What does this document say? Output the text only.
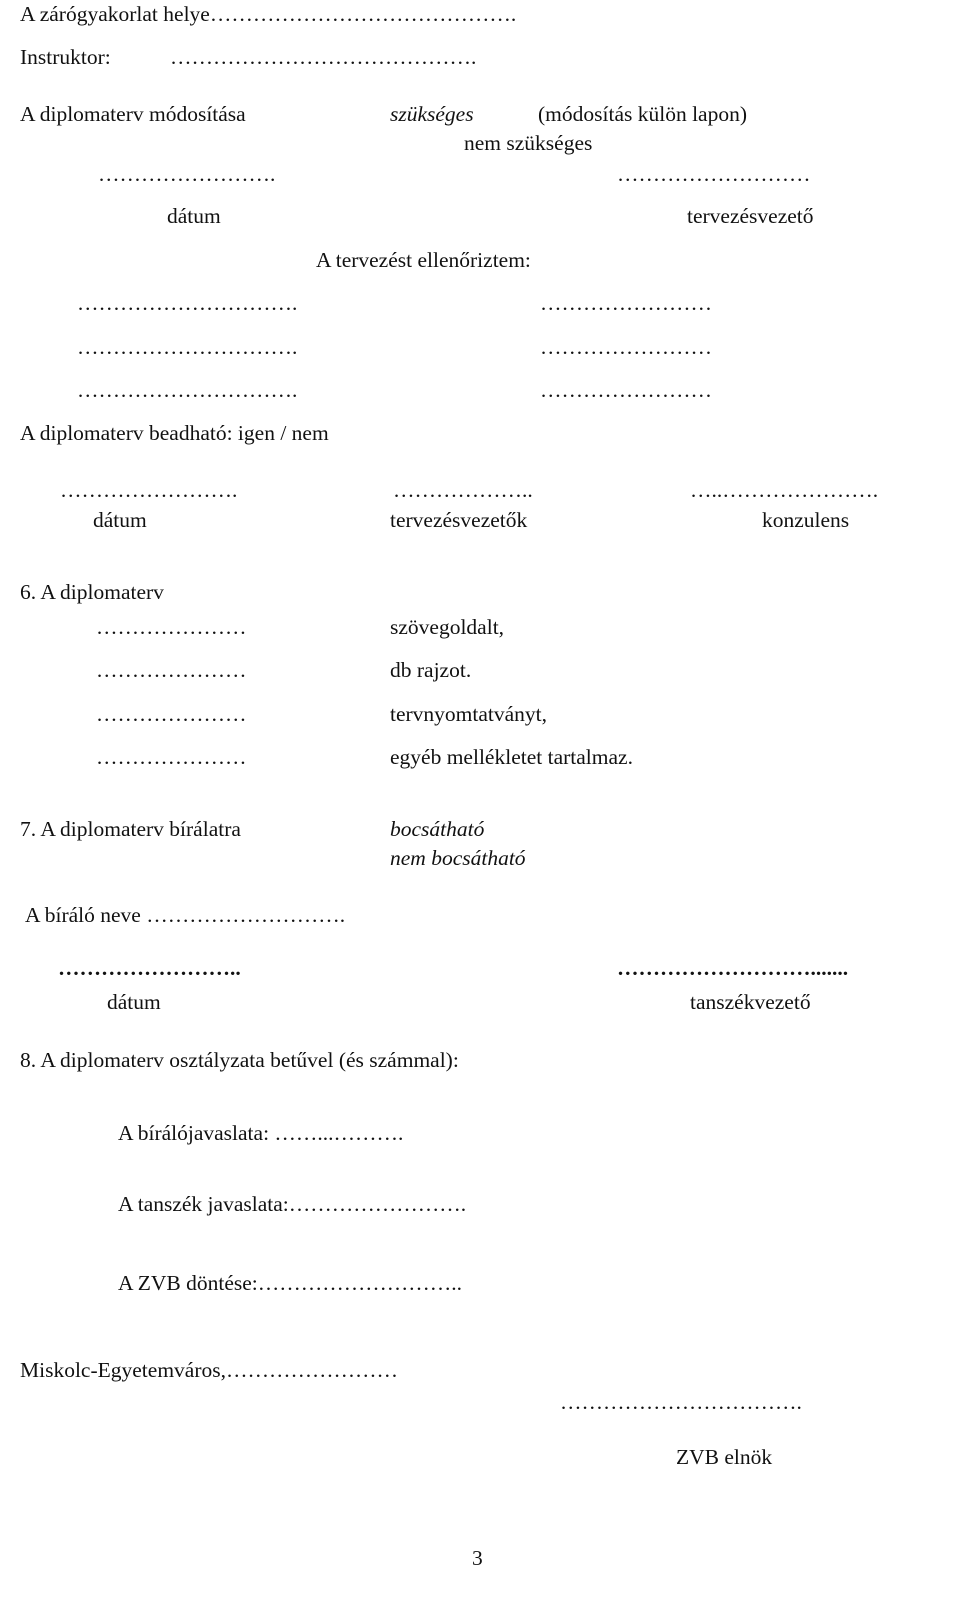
A zárógyakorlat helye…………………………………….
Instruktor:	…………………………………….
A diplomaterv módosítása	szükséges	(módosítás külön lapon)
nem szükséges
…………………….	………………………
dátum	tervezésvezető
A tervezést ellenőriztem:
………………………….	……………………
………………………….	……………………
………………………….	……………………
A diplomaterv beadható: igen / nem
…………………….	………………..	…..………………….
dátum	tervezésvezetők	konzulens
6. A diplomaterv
…………………	szövegoldalt,
…………………	db rajzot.
…………………	tervnyomtatványt,
…………………	egyéb mellékletet tartalmaz.
7. A diplomaterv bírálatra	bocsátható
nem bocsátható
A bíráló neve ……………………….
……………………..	……………………….......
dátum	tanszékvezető
8. A diplomaterv osztályzata betűvel (és számmal):
A bírálójavaslata: ……...……….
A tanszék javaslata:…………………….
A ZVB döntése:………………………..
Miskolc-Egyetemváros,……………………
…………………………….
ZVB elnök
3
